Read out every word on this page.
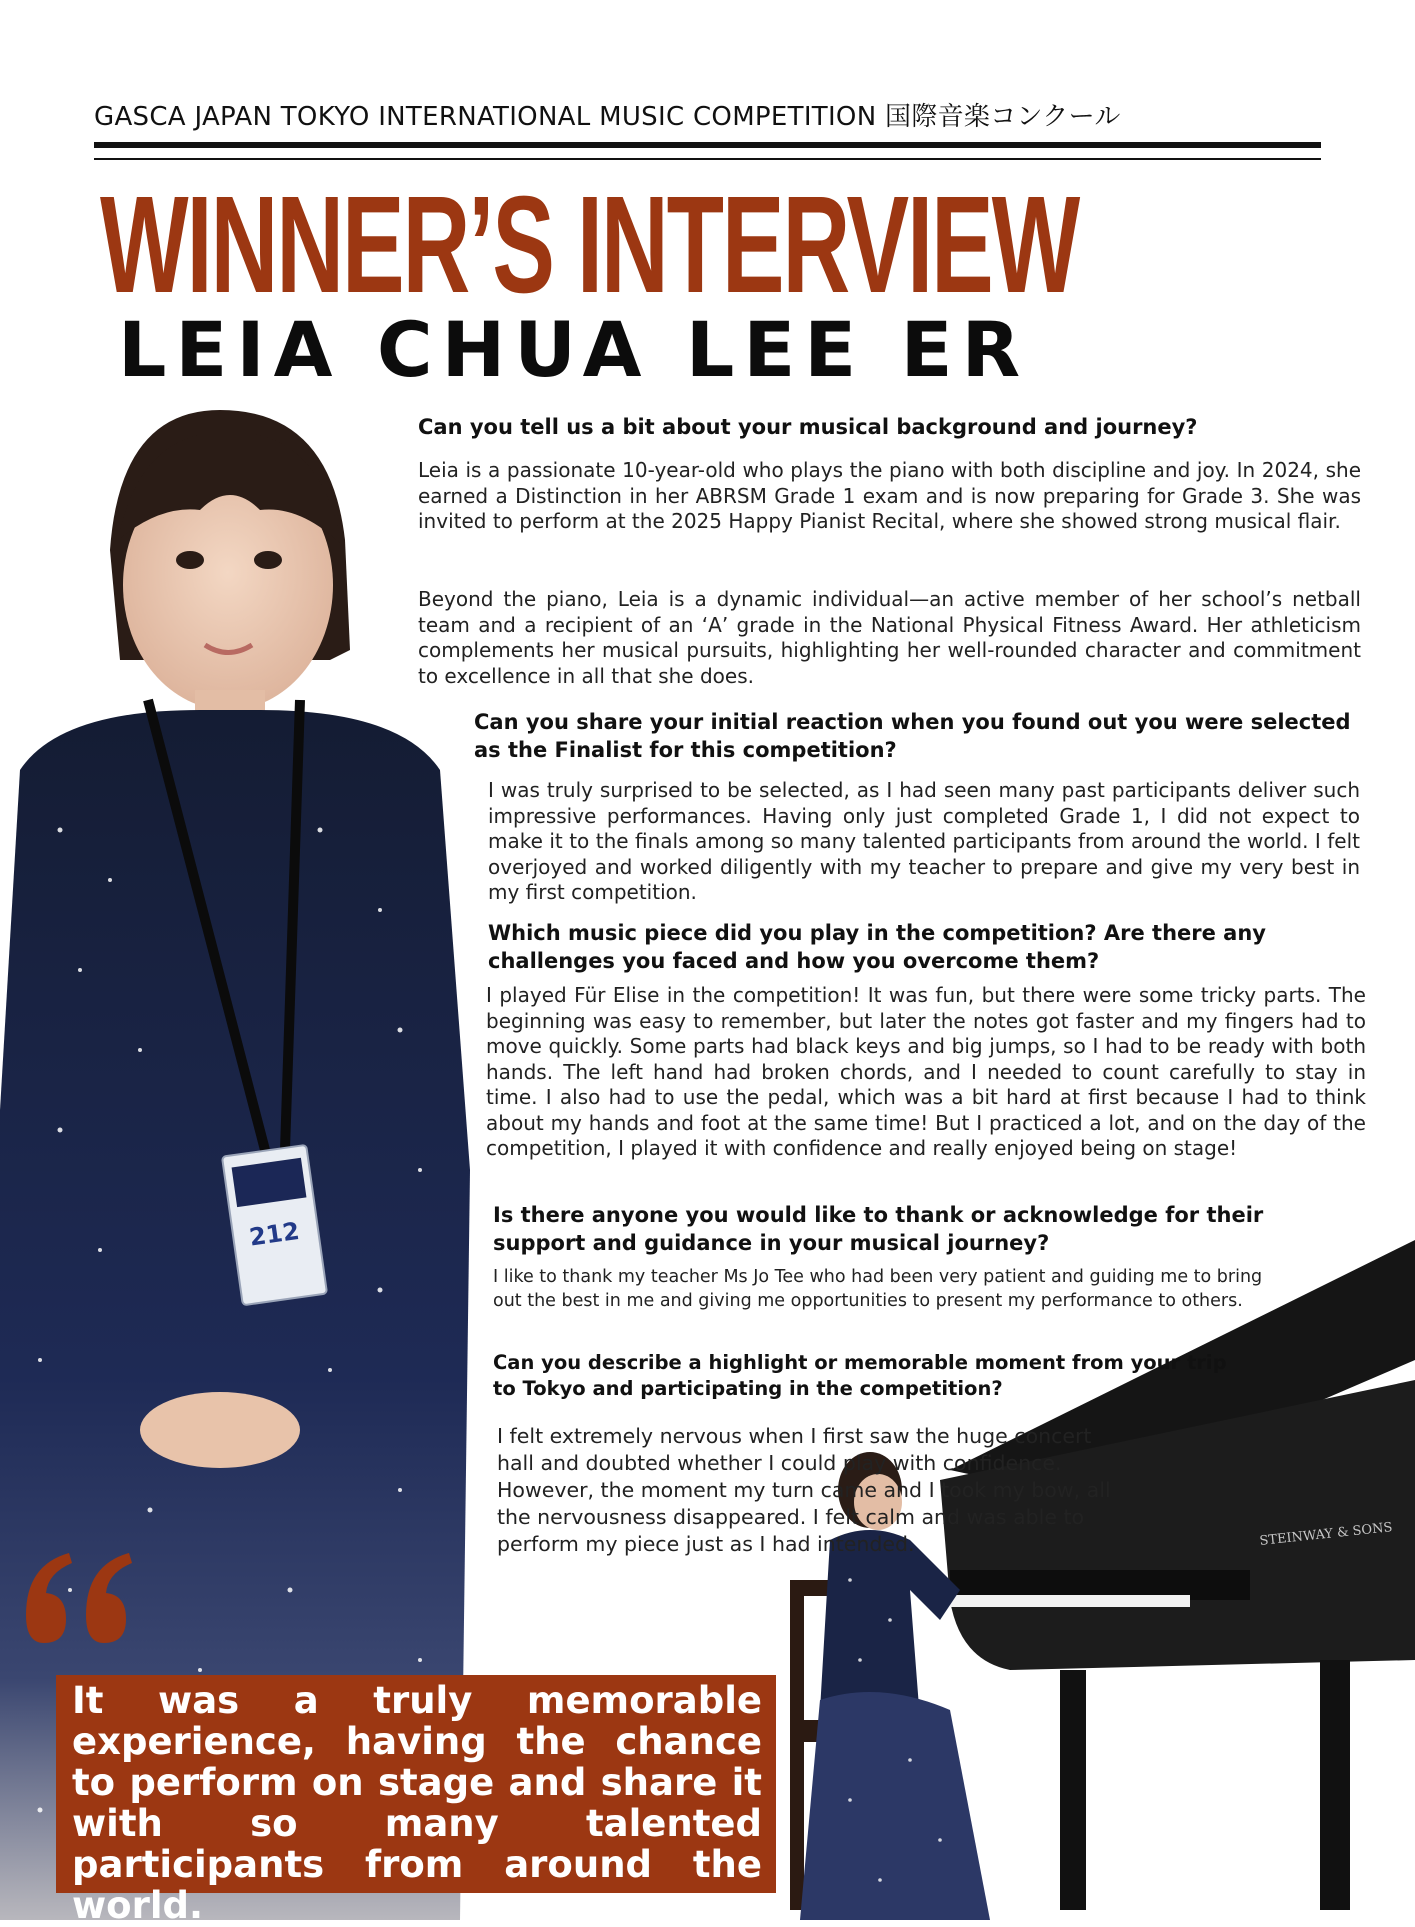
GASCA JAPAN TOKYO INTERNATIONAL MUSIC COMPETITION 国際音楽コンクール
WINNER’S INTERVIEW
LEIA CHUA LEE ER
212
STEINWAY & SONS

Can you tell us a bit about your musical background and journey?

Leia is a passionate 10-year-old who plays the piano with both discipline and joy. In 2024, she earned a Distinction in her ABRSM Grade 1 exam and is now preparing for Grade 3. She was invited to perform at the 2025 Happy Pianist Recital, where she showed strong musical flair.

Beyond the piano, Leia is a dynamic individual—an active member of her school’s netball team and a recipient of an ‘A’ grade in the National Physical Fitness Award. Her athleticism complements her musical pursuits, highlighting her well-rounded character and commitment to excellence in all that she does.

Can you share your initial reaction when you found out you were selected as the Finalist for this competition?

I was truly surprised to be selected, as I had seen many past participants deliver such impressive performances. Having only just completed Grade 1, I did not expect to make it to the finals among so many talented participants from around the world. I felt overjoyed and worked diligently with my teacher to prepare and give my very best in my first competition.

Which music piece did you play in the competition? Are there any challenges you faced and how you overcome them?

I played Für Elise in the competition! It was fun, but there were some tricky parts. The beginning was easy to remember, but later the notes got faster and my fingers had to move quickly. Some parts had black keys and big jumps, so I had to be ready with both hands. The left hand had broken chords, and I needed to count carefully to stay in time. I also had to use the pedal, which was a bit hard at first because I had to think about my hands and foot at the same time! But I practiced a lot, and on the day of the competition, I played it with confidence and really enjoyed being on stage!

Is there anyone you would like to thank or acknowledge for their support and guidance in your musical journey?

I like to thank my teacher Ms Jo Tee who had been very patient and guiding me to bring out the best in me and giving me opportunities to present my performance to others.

Can you describe a highlight or memorable moment from your trip to Tokyo and participating in the competition?

I felt extremely nervous when I first saw the huge concert hall and doubted whether I could play with confidence. However, the moment my turn came and I took my bow, all the nervousness disappeared. I felt calm and was able to perform my piece just as I had intended.

It was a truly memorable experience, having the chance to perform on stage and share it with so many talented participants from around the world.
